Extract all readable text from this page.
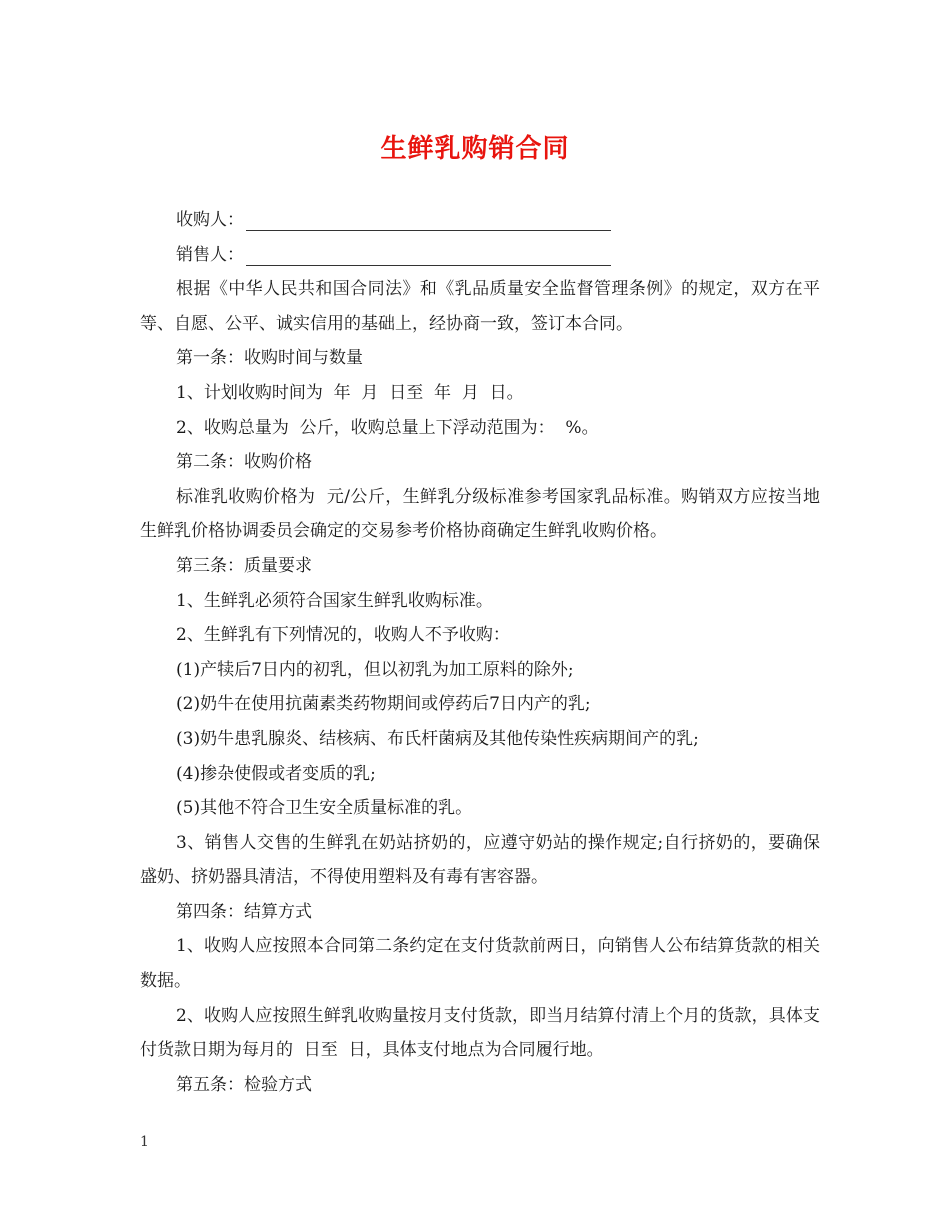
生鲜乳购销合同

收购人：

销售人：

根据《中华人民共和国合同法》和《乳品质量安全监督管理条例》的规定，双方在平等、自愿、公平、诚实信用的基础上，经协商一致，签订本合同。

第一条：收购时间与数量

1、计划收购时间为  年  月  日至  年  月  日。

2、收购总量为  公斤，收购总量上下浮动范围为：  %。

第二条：收购价格

标准乳收购价格为  元/公斤，生鲜乳分级标准参考国家乳品标准。购销双方应按当地生鲜乳价格协调委员会确定的交易参考价格协商确定生鲜乳收购价格。

第三条：质量要求

1、生鲜乳必须符合国家生鲜乳收购标准。

2、生鲜乳有下列情况的，收购人不予收购：

(1)产犊后7日内的初乳，但以初乳为加工原料的除外;

(2)奶牛在使用抗菌素类药物期间或停药后7日内产的乳;

(3)奶牛患乳腺炎、结核病、布氏杆菌病及其他传染性疾病期间产的乳;

(4)掺杂使假或者变质的乳;

(5)其他不符合卫生安全质量标准的乳。

3、销售人交售的生鲜乳在奶站挤奶的，应遵守奶站的操作规定;自行挤奶的，要确保盛奶、挤奶器具清洁，不得使用塑料及有毒有害容器。

第四条：结算方式

1、收购人应按照本合同第二条约定在支付货款前两日，向销售人公布结算货款的相关数据。

2、收购人应按照生鲜乳收购量按月支付货款，即当月结算付清上个月的货款，具体支付货款日期为每月的  日至  日，具体支付地点为合同履行地。

第五条：检验方式

1
